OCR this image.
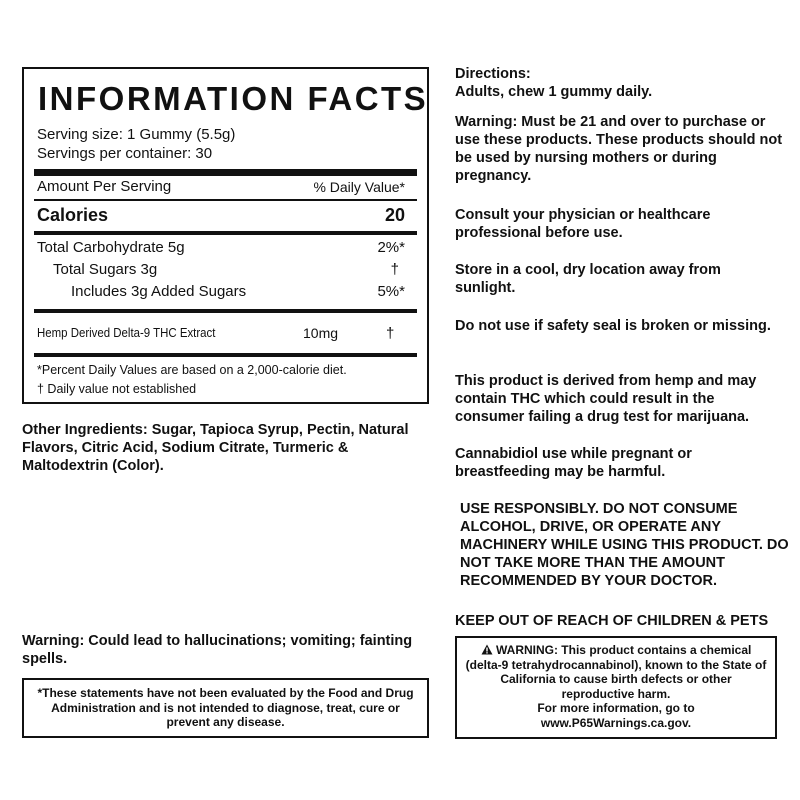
INFORMATION FACTS
Serving size: 1 Gummy (5.5g)
Servings per container: 30
Amount Per Serving	% Daily Value*
Calories	20
Total Carbohydrate 5g	2%*
Total Sugars 3g	†
Includes 3g Added Sugars	5%*
Hemp Derived Delta-9 THC Extract	10mg	†
*Percent Daily Values are based on a 2,000-calorie diet.
† Daily value not established
Other Ingredients: Sugar, Tapioca Syrup, Pectin, Natural Flavors, Citric Acid, Sodium Citrate, Turmeric & Maltodextrin (Color).
Warning: Could lead to hallucinations; vomiting; fainting spells.
*These statements have not been evaluated by the Food and Drug Administration and is not intended to diagnose, treat, cure or prevent any disease.
Directions:
Adults, chew 1 gummy daily.
Warning: Must be 21 and over to purchase or use these products. These products should not be used by nursing mothers or during pregnancy.
Consult your physician or healthcare professional before use.
Store in a cool, dry location away from sunlight.
Do not use if safety seal is broken or missing.
This product is derived from hemp and may contain THC which could result in the consumer failing a drug test for marijuana.
Cannabidiol use while pregnant or breastfeeding may be harmful.
USE RESPONSIBLY. DO NOT CONSUME ALCOHOL, DRIVE, OR OPERATE ANY MACHINERY WHILE USING THIS PRODUCT. DO NOT TAKE MORE THAN THE AMOUNT RECOMMENDED BY YOUR DOCTOR.
KEEP OUT OF REACH OF CHILDREN & PETS
WARNING: This product contains a chemical
(delta-9 tetrahydrocannabinol), known to the State of California to cause birth defects or other reproductive harm.
For more information, go to www.P65Warnings.ca.gov.
